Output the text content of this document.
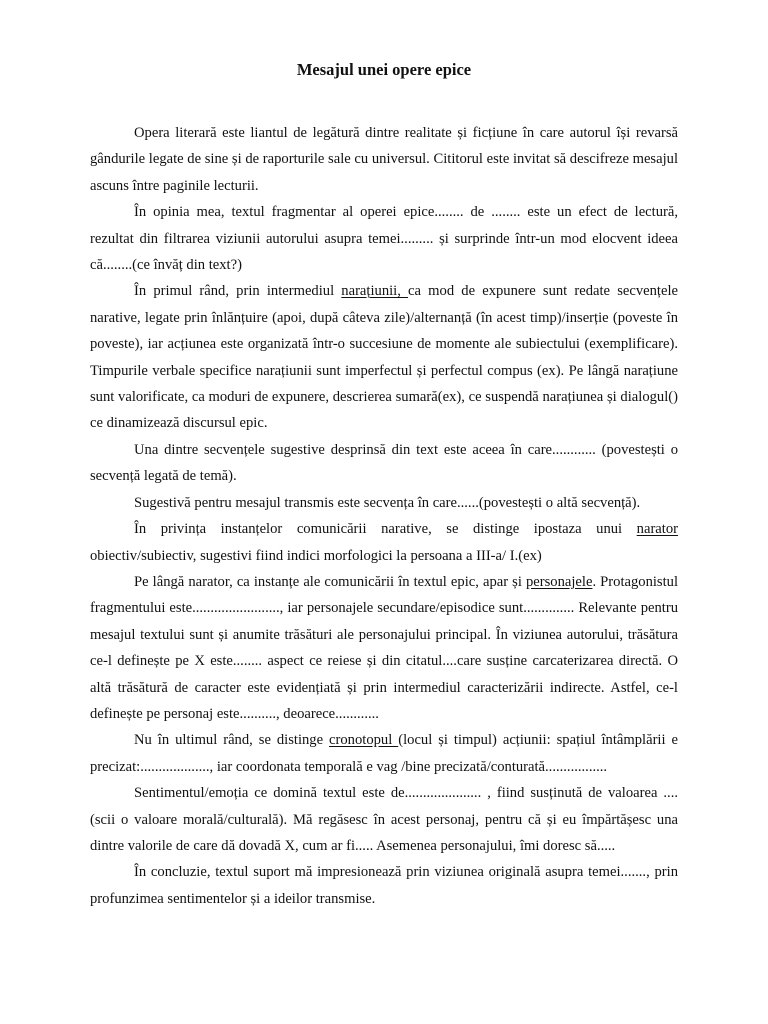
Mesajul unei opere epice

Opera literară este liantul de legătură dintre realitate și ficțiune în care autorul își revarsă gândurile legate de sine și de raporturile sale cu universul. Cititorul este invitat să descifreze mesajul ascuns între paginile lecturii.

În opinia mea, textul fragmentar al operei epice........ de ........ este un efect de lectură, rezultat din filtrarea viziunii autorului asupra temei......... și surprinde într-un mod elocvent ideea că........(ce învăț din text?)

În primul rând, prin intermediul narațiunii, ca mod de expunere sunt redate secvențele narative, legate prin înlănțuire (apoi, după câteva zile)/alternanță (în acest timp)/inserție (poveste în poveste), iar acțiunea este organizată într-o succesiune de momente ale subiectului (exemplificare). Timpurile verbale specifice narațiunii sunt imperfectul și perfectul compus (ex). Pe lângă narațiune sunt valorificate, ca moduri de expunere, descrierea sumară(ex), ce suspendă narațiunea și dialogul() ce dinamizează discursul epic.

Una dintre secvențele sugestive desprinsă din text este aceea în care............ (povestești o secvență legată de temă).

Sugestivă pentru mesajul transmis este secvența în care......(povestești o altă secvență).

În privința instanțelor comunicării narative, se distinge ipostaza unui narator obiectiv/subiectiv, sugestivi fiind indici morfologici la persoana a III-a/ I.(ex)

Pe lângă narator, ca instanțe ale comunicării în textul epic, apar și personajele. Protagonistul fragmentului este........................, iar personajele secundare/episodice sunt.............. Relevante pentru mesajul textului sunt și anumite trăsături ale personajului principal. În viziunea autorului, trăsătura ce-l definește pe X este........ aspect ce reiese și din citatul....care susține carcaterizarea directă. O altă trăsătură de caracter este evidențiată și prin intermediul caracterizării indirecte. Astfel, ce-l definește pe personaj este.........., deoarece............

Nu în ultimul rând, se distinge cronotopul (locul și timpul) acțiunii: spațiul întâmplării e precizat:..................., iar coordonata temporală e vag /bine precizată/conturată.................

Sentimentul/emoția ce domină textul este de..................... , fiind susținută de valoarea .... (scii o valoare morală/culturală). Mă regăsesc în acest personaj, pentru că și eu împărtășesc una dintre valorile de care dă dovadă X, cum ar fi..... Asemenea personajului, îmi doresc să.....

În concluzie, textul suport mă impresionează prin viziunea originală asupra temei......., prin profunzimea sentimentelor și a ideilor transmise.
